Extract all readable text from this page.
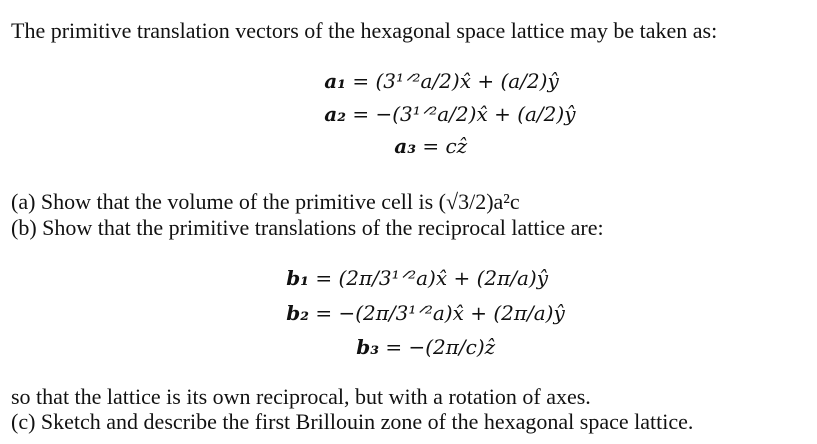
The primitive translation vectors of the hexagonal space lattice may be taken as:
a₁ = (3¹ᐟ²a/2)x̂ + (a/2)ŷ
a₂ = −(3¹ᐟ²a/2)x̂ + (a/2)ŷ
a₃ = cẑ
(a) Show that the volume of the primitive cell is (√3/2)a²c
(b) Show that the primitive translations of the reciprocal lattice are:
b₁ = (2π/3¹ᐟ²a)x̂ + (2π/a)ŷ
b₂ = −(2π/3¹ᐟ²a)x̂ + (2π/a)ŷ
b₃ = −(2π/c)ẑ
so that the lattice is its own reciprocal, but with a rotation of axes.
(c) Sketch and describe the first Brillouin zone of the hexagonal space lattice.
